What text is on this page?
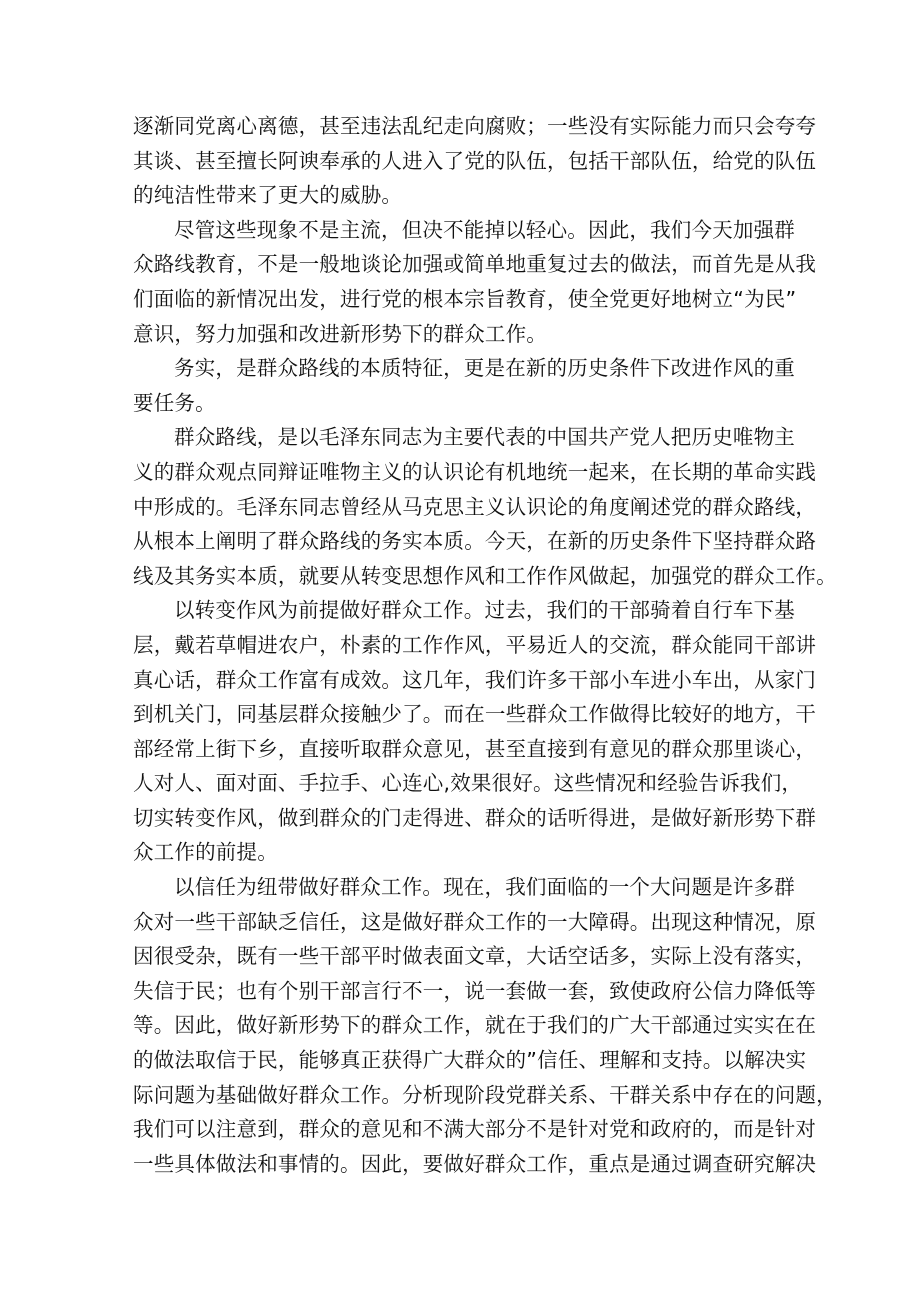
逐渐同党离心离德，甚至违法乱纪走向腐败；一些没有实际能力而只会夸夸
其谈、甚至擅长阿谀奉承的人进入了党的队伍，包括干部队伍，给党的队伍
的纯洁性带来了更大的威胁。
尽管这些现象不是主流，但决不能掉以轻心。因此，我们今天加强群
众路线教育，不是一般地谈论加强或简单地重复过去的做法，而首先是从我
们面临的新情况出发，进行党的根本宗旨教育，使全党更好地树立“为民”
意识，努力加强和改进新形势下的群众工作。
务实，是群众路线的本质特征，更是在新的历史条件下改进作风的重
要任务。
群众路线，是以毛泽东同志为主要代表的中国共产党人把历史唯物主
义的群众观点同辩证唯物主义的认识论有机地统一起来，在长期的革命实践
中形成的。毛泽东同志曾经从马克思主义认识论的角度阐述党的群众路线，
从根本上阐明了群众路线的务实本质。今天，在新的历史条件下坚持群众路
线及其务实本质，就要从转变思想作风和工作作风做起，加强党的群众工作。
以转变作风为前提做好群众工作。过去，我们的干部骑着自行车下基
层，戴若草帽进农户，朴素的工作作风，平易近人的交流，群众能同干部讲
真心话，群众工作富有成效。这几年，我们许多干部小车进小车出，从家门
到机关门，同基层群众接触少了。而在一些群众工作做得比较好的地方，干
部经常上街下乡，直接听取群众意见，甚至直接到有意见的群众那里谈心，
人对人、面对面、手拉手、心连心,效果很好。这些情况和经验告诉我们，
切实转变作风，做到群众的门走得进、群众的话听得进，是做好新形势下群
众工作的前提。
以信任为纽带做好群众工作。现在，我们面临的一个大问题是许多群
众对一些干部缺乏信任，这是做好群众工作的一大障碍。出现这种情况，原
因很受杂，既有一些干部平时做表面文章，大话空话多，实际上没有落实，
失信于民；也有个别干部言行不一，说一套做一套，致使政府公信力降低等
等。因此，做好新形势下的群众工作，就在于我们的广大干部通过实实在在
的做法取信于民，能够真正获得广大群众的”信任、理解和支持。以解决实
际问题为基础做好群众工作。分析现阶段党群关系、干群关系中存在的问题，
我们可以注意到，群众的意见和不满大部分不是针对党和政府的，而是针对
一些具体做法和事情的。因此，要做好群众工作，重点是通过调查研究解决
